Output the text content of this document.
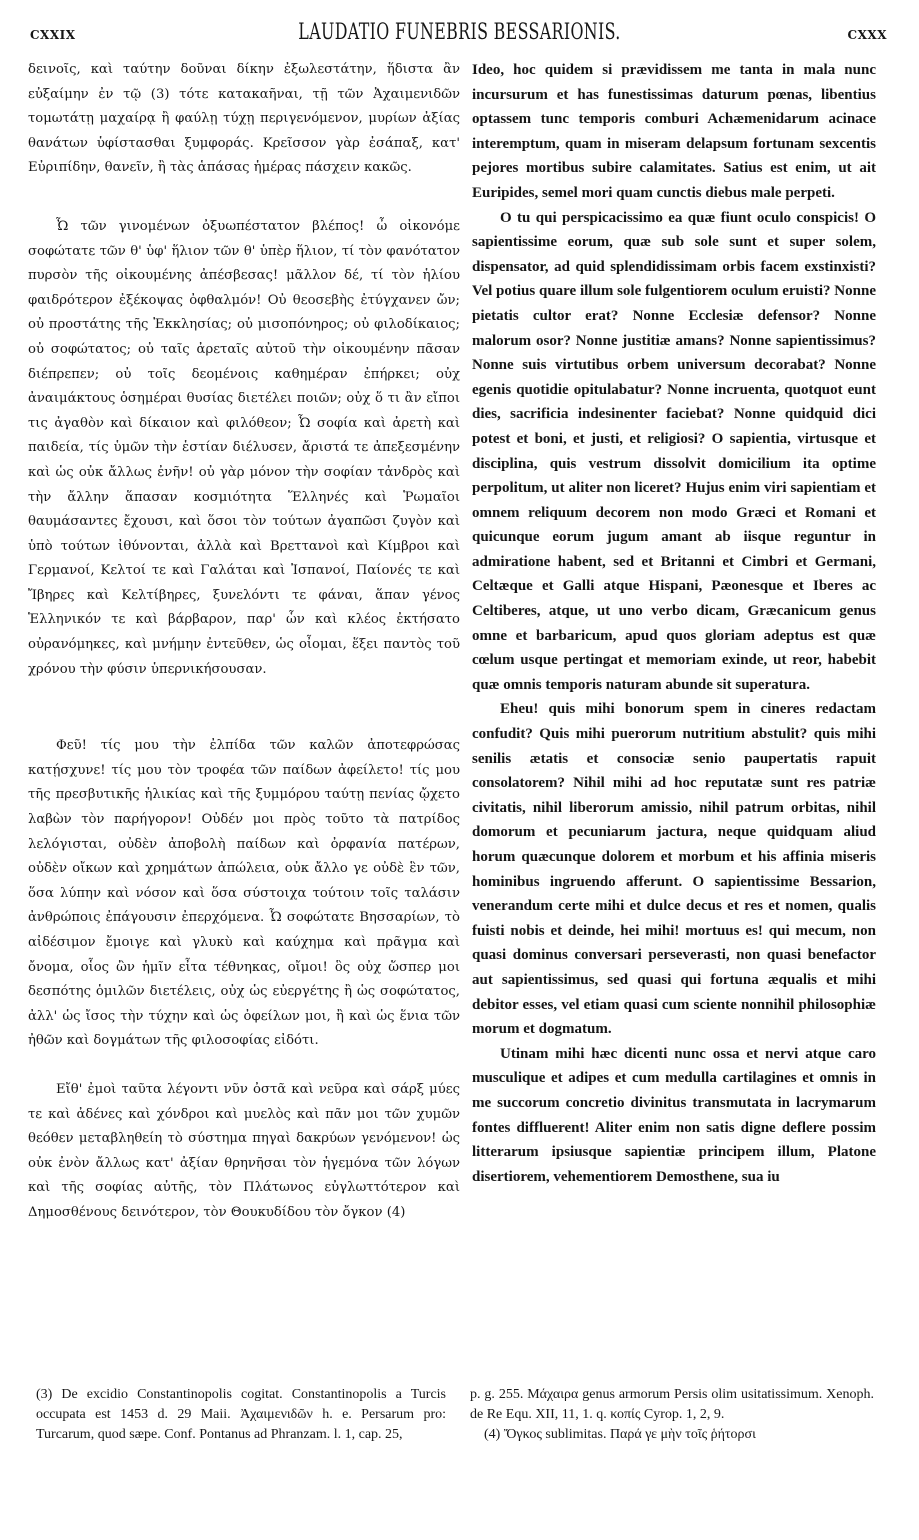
CXXIX	LAUDATIO FUNEBRIS BESSARIONIS.	CXXX

δεινοῖς, καὶ ταύτην δοῦναι δίκην ἐξωλεστάτην, ἥδιστα ἂν εὐξαίμην ἐν τῷ (3) τότε κατακαῆναι, τῇ τῶν Ἀχαιμενιδῶν τομωτάτῃ μαχαίρᾳ ἢ φαύλῃ τύχῃ περιγενόμενον, μυρίων ἀξίας θανάτων ὑφίστασθαι ξυμφοράς. Κρεῖσσον γὰρ ἐσάπαξ, κατ' Εὐριπίδην, θανεῖν, ἢ τὰς ἁπάσας ἡμέρας πάσχειν κακῶς.

Ὦ τῶν γινομένων ὀξυωπέστατον βλέπος! ὦ οἰκονόμε σοφώτατε τῶν θ' ὑφ' ἥλιον τῶν θ' ὑπὲρ ἥλιον, τί τὸν φανότατον πυρσὸν τῆς οἰκουμένης ἀπέσβεσας! μᾶλλον δέ, τί τὸν ἡλίου φαιδρότερον ἐξέκοψας ὀφθαλμόν! Οὐ θεοσεβὴς ἐτύγχανεν ὤν; οὐ προστάτης τῆς Ἐκκλησίας; οὐ μισοπόνηρος; οὐ φιλοδίκαιος; οὐ σοφώτατος; οὐ ταῖς ἀρεταῖς αὐτοῦ τὴν οἰκουμένην πᾶσαν διέπρεπεν; οὐ τοῖς δεομένοις καθημέραν ἐπήρκει; οὐχ ἀναιμάκτους ὁσημέραι θυσίας διετέλει ποιῶν; οὐχ ὅ τι ἂν εἴποι τις ἀγαθὸν καὶ δίκαιον καὶ φιλόθεον; Ὦ σοφία καὶ ἀρετὴ καὶ παιδεία, τίς ὑμῶν τὴν ἑστίαν διέλυσεν, ἄριστά τε ἀπεξεσμένην καὶ ὡς οὐκ ἄλλως ἐνῆν! οὐ γὰρ μόνον τὴν σοφίαν τἀνδρὸς καὶ τὴν ἄλλην ἅπασαν κοσμιότητα Ἕλληνές καὶ Ῥωμαῖοι θαυμάσαντες ἔχουσι, καὶ ὅσοι τὸν τούτων ἀγαπῶσι ζυγὸν καὶ ὑπὸ τούτων ἰθύνονται, ἀλλὰ καὶ Βρεττανοὶ καὶ Κίμβροι καὶ Γερμανοί, Κελτοί τε καὶ Γαλάται καὶ Ἰσπανοί, Παίονές τε καὶ Ἴβηρες καὶ Κελτίβηρες, ξυνελόντι τε φάναι, ἅπαν γένος Ἑλληνικόν τε καὶ βάρβαρον, παρ' ὧν καὶ κλέος ἐκτήσατο οὐρανόμηκες, καὶ μνήμην ἐντεῦθεν, ὡς οἶομαι, ἕξει παντὸς τοῦ χρόνου τὴν φύσιν ὑπερνικήσουσαν.

Φεῦ! τίς μου τὴν ἐλπίδα τῶν καλῶν ἀποτεφρώσας κατῄσχυνε! τίς μου τὸν τροφέα τῶν παίδων ἀφείλετο! τίς μου τῆς πρεσβυτικῆς ἡλικίας καὶ τῆς ξυμμόρου ταύτῃ πενίας ᾤχετο λαβὼν τὸν παρήγορον! Οὐδέν μοι πρὸς τοῦτο τὰ πατρίδος λελόγισται, οὐδὲν ἀποβολὴ παίδων καὶ ὀρφανία πατέρων, οὐδὲν οἴκων καὶ χρημάτων ἀπώλεια, οὐκ ἄλλο γε οὐδὲ ἓν τῶν, ὅσα λύπην καὶ νόσον καὶ ὅσα σύστοιχα τούτοιν τοῖς ταλάσιν ἀνθρώποις ἐπάγουσιν ἐπερχόμενα. Ὦ σοφώτατε Βησσαρίων, τὸ αἰδέσιμον ἔμοιγε καὶ γλυκὺ καὶ καύχημα καὶ πρᾶγμα καὶ ὄνομα, οἷος ὢν ἡμῖν εἶτα τέθνηκας, οἴμοι! ὃς οὐχ ὥσπερ μοι δεσπότης ὁμιλῶν διετέλεις, οὐχ ὡς εὐεργέτης ἢ ὡς σοφώτατος, ἀλλ' ὡς ἴσος τὴν τύχην καὶ ὡς ὀφείλων μοι, ἢ καὶ ὡς ἕνια τῶν ἠθῶν καὶ δογμάτων τῆς φιλοσοφίας εἰδότι.

Εἴθ' ἐμοὶ ταῦτα λέγοντι νῦν ὀστᾶ καὶ νεῦρα καὶ σάρξ μύες τε καὶ ἀδένες καὶ χόνδροι καὶ μυελὸς καὶ πᾶν μοι τῶν χυμῶν θεόθεν μεταβληθείη τὸ σύστημα πηγαὶ δακρύων γενόμενον! ὡς οὐκ ἐνὸν ἄλλως κατ' ἀξίαν θρηνῆσαι τὸν ἡγεμόνα τῶν λόγων καὶ τῆς σοφίας αὐτῆς, τὸν Πλάτωνος εὐγλωττότερον καὶ Δημοσθένους δεινότερον, τὸν Θουκυδίδου τὸν ὄγκον (4)

Ideo, hoc quidem si prævidissem me tanta in mala nunc incursurum et has funestissimas daturum pœnas, libentius optassem tunc temporis comburi Achæmenidarum acinace interemptum, quam in miseram delapsum fortunam sexcentis pejores mortibus subire calamitates. Satius est enim, ut ait Euripides, semel mori quam cunctis diebus male perpeti.

O tu qui perspicacissimo ea quæ fiunt oculo conspicis! O sapientissime eorum, quæ sub sole sunt et super solem, dispensator, ad quid splendidissimam orbis facem exstinxisti? Vel potius quare illum sole fulgentiorem oculum eruisti? Nonne pietatis cultor erat? Nonne Ecclesiæ defensor? Nonne malorum osor? Nonne justitiæ amans? Nonne sapientissimus? Nonne suis virtutibus orbem universum decorabat? Nonne egenis quotidie opitulabatur? Nonne incruenta, quotquot eunt dies, sacrificia indesinenter faciebat? Nonne quidquid dici potest et boni, et justi, et religiosi? O sapientia, virtusque et disciplina, quis vestrum dissolvit domicilium ita optime perpolitum, ut aliter non liceret? Hujus enim viri sapientiam et omnem reliquum decorem non modo Græci et Romani et quicunque eorum jugum amant ab iisque reguntur in admiratione habent, sed et Britanni et Cimbri et Germani, Celtæque et Galli atque Hispani, Pæonesque et Iberes ac Celtiberes, atque, ut uno verbo dicam, Græcanicum genus omne et barbaricum, apud quos gloriam adeptus est quæ cœlum usque pertingat et memoriam exinde, ut reor, habebit quæ omnis temporis naturam abunde sit superatura.

Eheu! quis mihi bonorum spem in cineres redactam confudit? Quis mihi puerorum nutritium abstulit? quis mihi senilis ætatis et consociæ senio paupertatis rapuit consolatorem? Nihil mihi ad hoc reputatæ sunt res patriæ civitatis, nihil liberorum amissio, nihil patrum orbitas, nihil domorum et pecuniarum jactura, neque quidquam aliud horum quæcunque dolorem et morbum et his affinia miseris hominibus ingruendo afferunt. O sapientissime Bessarion, venerandum certe mihi et dulce decus et res et nomen, qualis fuisti nobis et deinde, hei mihi! mortuus es! qui mecum, non quasi dominus conversari perseverasti, non quasi benefactor aut sapientissimus, sed quasi qui fortuna æqualis et mihi debitor esses, vel etiam quasi cum sciente nonnihil philosophiæ morum et dogmatum.

Utinam mihi hæc dicenti nunc ossa et nervi atque caro musculique et adipes et cum medulla cartilagines et omnis in me succorum concretio divinitus transmutata in lacrymarum fontes diffluerent! Aliter enim non satis digne deflere possim litterarum ipsiusque sapientiæ principem illum, Platone disertiorem, vehementiorem Demosthene, sua iu

(3) De excidio Constantinopolis cogitat. Constantinopolis a Turcis occupata est 1453 d. 29 Maii. Ἀχαιμενιδῶν h. e. Persarum pro: Turcarum, quod sæpe. Conf. Pontanus ad Phranzam. l. 1, cap. 25,
p. g. 255. Μάχαιρα genus armorum Persis olim usitatissimum. Xenoph. de Re Equ. XII, 11, 1. q. κοπίς Cyrop. 1, 2, 9.
(4) Ὄγκος sublimitas. Παρά γε μὴν τοῖς ῥήτορσι
